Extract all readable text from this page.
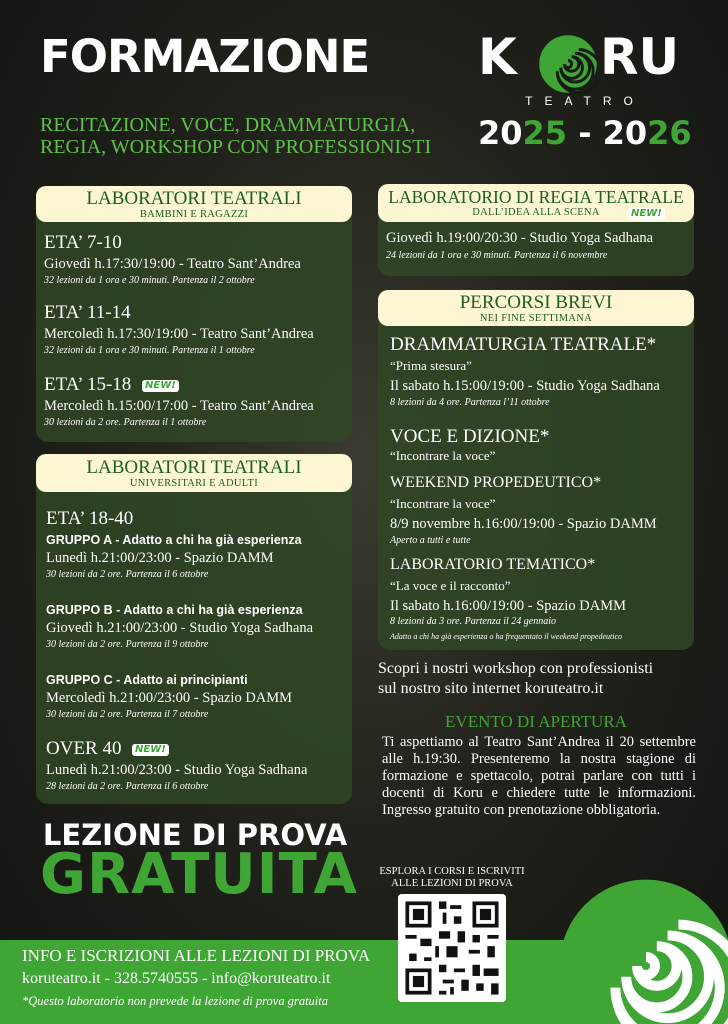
FORMAZIONE	K RU
TEATRO
RECITAZIONE, VOCE, DRAMMATURGIA,
REGIA, WORKSHOP CON PROFESSIONISTI	2025 - 2026
LABORATORI TEATRALI
BAMBINI E RAGAZZI
ETA’ 7-10
Giovedì h.17:30/19:00 - Teatro Sant’Andrea
32 lezioni da 1 ora e 30 minuti. Partenza il 2 ottobre
ETA’ 11-14
Mercoledì h.17:30/19:00 - Teatro Sant’Andrea
32 lezioni da 1 ora e 30 minuti. Partenza il 1 ottobre
ETA’ 15-18	NEW!
Mercoledì h.15:00/17:00 - Teatro Sant’Andrea
30 lezioni da 2 ore. Partenza il 1 ottobre
LABORATORI TEATRALI
UNIVERSITARI E ADULTI
ETA’ 18-40
GRUPPO A - Adatto a chi ha già esperienza
Lunedì h.21:00/23:00 - Spazio DAMM
30 lezioni da 2 ore. Partenza il 6 ottobre
GRUPPO B - Adatto a chi ha già esperienza
Giovedì h.21:00/23:00 - Studio Yoga Sadhana
30 lezioni da 2 ore. Partenza il 9 ottobre
GRUPPO C - Adatto ai principianti
Mercoledì h.21:00/23:00 - Spazio DAMM
30 lezioni da 2 ore. Partenza il 7 ottobre
OVER 40	NEW!
Lunedì h.21:00/23:00 - Studio Yoga Sadhana
28 lezioni da 2 ore. Partenza il 6 ottobre
LABORATORIO DI REGIA TEATRALE
DALL’IDEA ALLA SCENA	NEW!
Giovedì h.19:00/20:30 - Studio Yoga Sadhana
24 lezioni da 1 ora e 30 minuti. Partenza il 6 novembre
PERCORSI BREVI
NEI FINE SETTIMANA
DRAMMATURGIA TEATRALE*
“Prima stesura”
Il sabato h.15:00/19:00 - Studio Yoga Sadhana
8 lezioni da 4 ore. Partenza l’11 ottobre
VOCE E DIZIONE*
“Incontrare la voce”
WEEKEND PROPEDEUTICO*
“Incontrare la voce”
8/9 novembre h.16:00/19:00 - Spazio DAMM
Aperto a tutti e tutte
LABORATORIO TEMATICO*
“La voce e il racconto”
Il sabato h.16:00/19:00 - Spazio DAMM
8 lezioni da 3 ore. Partenza il 24 gennaio
Adatto a chi ha già esperienza o ha frequentato il weekend propedeutico
Scopri i nostri workshop con professionisti
sul nostro sito internet koruteatro.it
EVENTO DI APERTURA
Ti aspettiamo al Teatro Sant’Andrea il 20 settembre alle h.19:30. Presenteremo la nostra stagione di formazione e spettacolo, potrai parlare con tutti i docenti di Koru e chiedere tutte le informazioni. Ingresso gratuito con prenotazione obbligatoria.
LEZIONE DI PROVA
GRATUITA
INFO E ISCRIZIONI ALLE LEZIONI DI PROVA
koruteatro.it - 328.5740555 - info@koruteatro.it
*Questo laboratorio non prevede la lezione di prova gratuita
ESPLORA I CORSI E ISCRIVITI
ALLE LEZIONI DI PROVA
